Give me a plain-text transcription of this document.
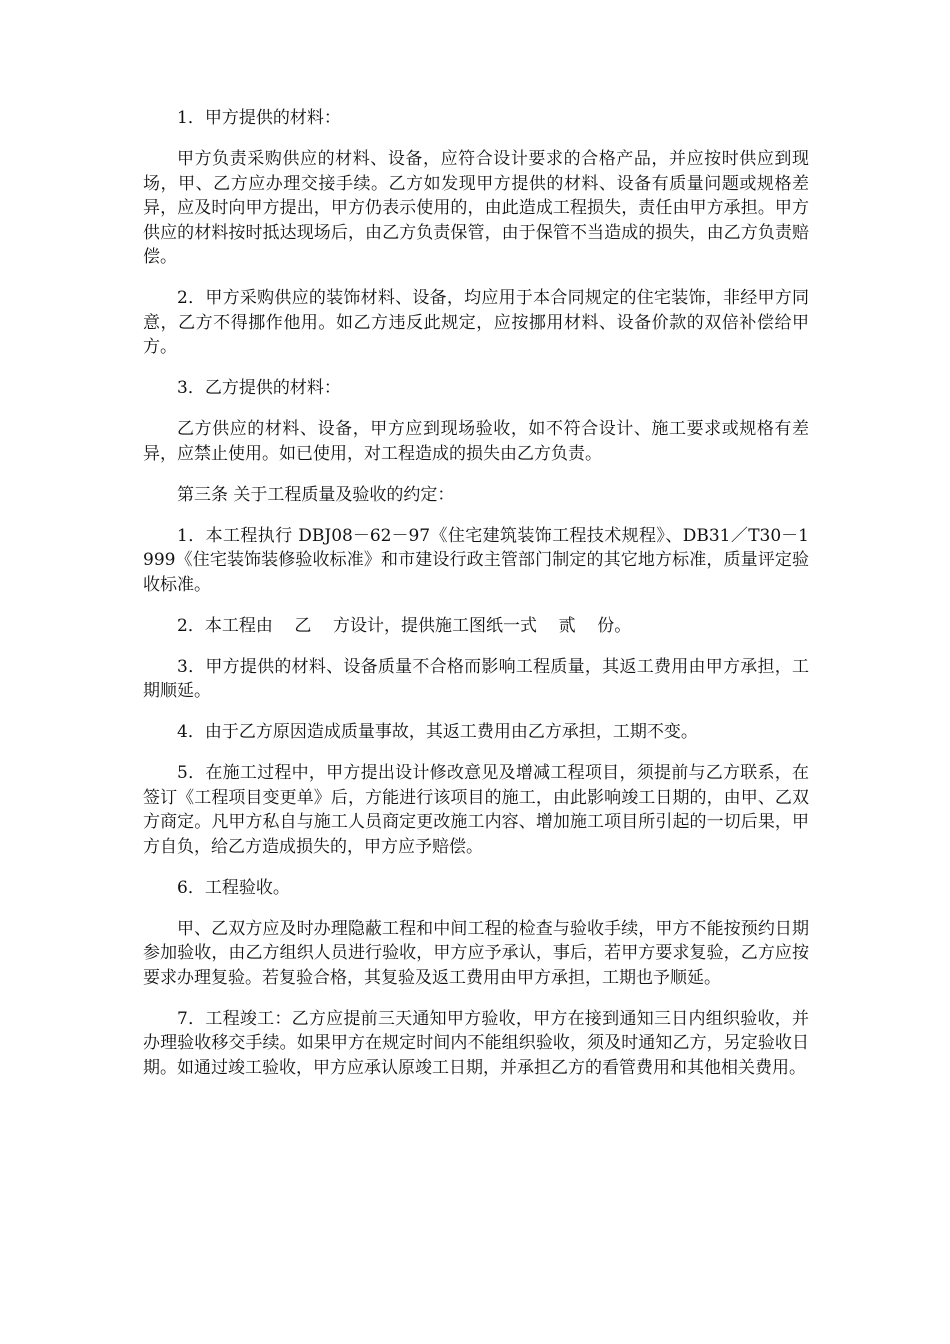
1．甲方提供的材料：

甲方负责采购供应的材料、设备，应符合设计要求的合格产品，并应按时供应到现场，甲、乙方应办理交接手续。乙方如发现甲方提供的材料、设备有质量问题或规格差异，应及时向甲方提出，甲方仍表示使用的，由此造成工程损失，责任由甲方承担。甲方供应的材料按时抵达现场后，由乙方负责保管，由于保管不当造成的损失，由乙方负责赔偿。

2．甲方采购供应的装饰材料、设备，均应用于本合同规定的住宅装饰，非经甲方同意，乙方不得挪作他用。如乙方违反此规定，应按挪用材料、设备价款的双倍补偿给甲方。

3．乙方提供的材料：

乙方供应的材料、设备，甲方应到现场验收，如不符合设计、施工要求或规格有差异，应禁止使用。如已使用，对工程造成的损失由乙方负责。

第三条 关于工程质量及验收的约定：

1．本工程执行 DBJ08－62－97《住宅建筑装饰工程技术规程》、DB31／T30－1999《住宅装饰装修验收标准》和市建设行政主管部门制定的其它地方标准，质量评定验收标准。

2．本工程由    乙    方设计，提供施工图纸一式    贰    份。

3．甲方提供的材料、设备质量不合格而影响工程质量，其返工费用由甲方承担，工期顺延。

4．由于乙方原因造成质量事故，其返工费用由乙方承担，工期不变。

5．在施工过程中，甲方提出设计修改意见及增减工程项目，须提前与乙方联系，在签订《工程项目变更单》后，方能进行该项目的施工，由此影响竣工日期的，由甲、乙双方商定。凡甲方私自与施工人员商定更改施工内容、增加施工项目所引起的一切后果，甲方自负，给乙方造成损失的，甲方应予赔偿。

6．工程验收。

甲、乙双方应及时办理隐蔽工程和中间工程的检查与验收手续，甲方不能按预约日期参加验收，由乙方组织人员进行验收，甲方应予承认，事后，若甲方要求复验，乙方应按要求办理复验。若复验合格，其复验及返工费用由甲方承担，工期也予顺延。

7．工程竣工：乙方应提前三天通知甲方验收，甲方在接到通知三日内组织验收，并办理验收移交手续。如果甲方在规定时间内不能组织验收，须及时通知乙方，另定验收日期。如通过竣工验收，甲方应承认原竣工日期，并承担乙方的看管费用和其他相关费用。
